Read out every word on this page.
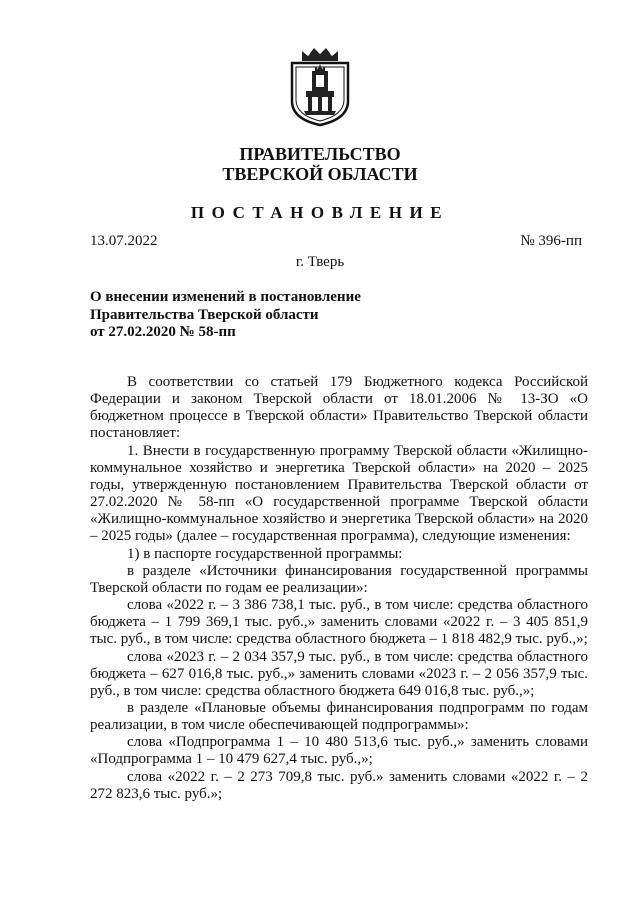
ПРАВИТЕЛЬСТВО
ТВЕРСКОЙ ОБЛАСТИ
ПОСТАНОВЛЕНИЕ
13.07.2022	№ 396-пп
г. Тверь
О внесении изменений в постановление
Правительства Тверской области
от 27.02.2020 № 58-пп

В соответствии со статьей 179 Бюджетного кодекса Российской Федерации и законом Тверской области от 18.01.2006 № 13-ЗО «О бюджетном процессе в Тверской области» Правительство Тверской области постановляет:

1. Внести в государственную программу Тверской области «Жилищно-коммунальное хозяйство и энергетика Тверской области» на 2020 – 2025 годы, утвержденную постановлением Правительства Тверской области от 27.02.2020 № 58-пп «О государственной программе Тверской области «Жилищно-коммунальное хозяйство и энергетика Тверской области» на 2020 – 2025 годы» (далее – государственная программа), следующие изменения:

1) в паспорте государственной программы:

в разделе «Источники финансирования государственной программы Тверской области по годам ее реализации»:

слова «2022 г. – 3 386 738,1 тыс. руб., в том числе: средства областного бюджета – 1 799 369,1 тыс. руб.,» заменить словами «2022 г. – 3 405 851,9 тыс. руб., в том числе: средства областного бюджета – 1 818 482,9 тыс. руб.,»;

слова «2023 г. – 2 034 357,9 тыс. руб., в том числе: средства областного бюджета – 627 016,8 тыс. руб.,» заменить словами «2023 г. – 2 056 357,9 тыс. руб., в том числе: средства областного бюджета 649 016,8 тыс. руб.,»;

в разделе «Плановые объемы финансирования подпрограмм по годам реализации, в том числе обеспечивающей подпрограммы»:

слова «Подпрограмма 1 – 10 480 513,6 тыс. руб.,» заменить словами «Подпрограмма 1 – 10 479 627,4 тыс. руб.,»;

слова «2022 г. – 2 273 709,8 тыс. руб.» заменить словами «2022 г. – 2 272 823,6 тыс. руб.»;
